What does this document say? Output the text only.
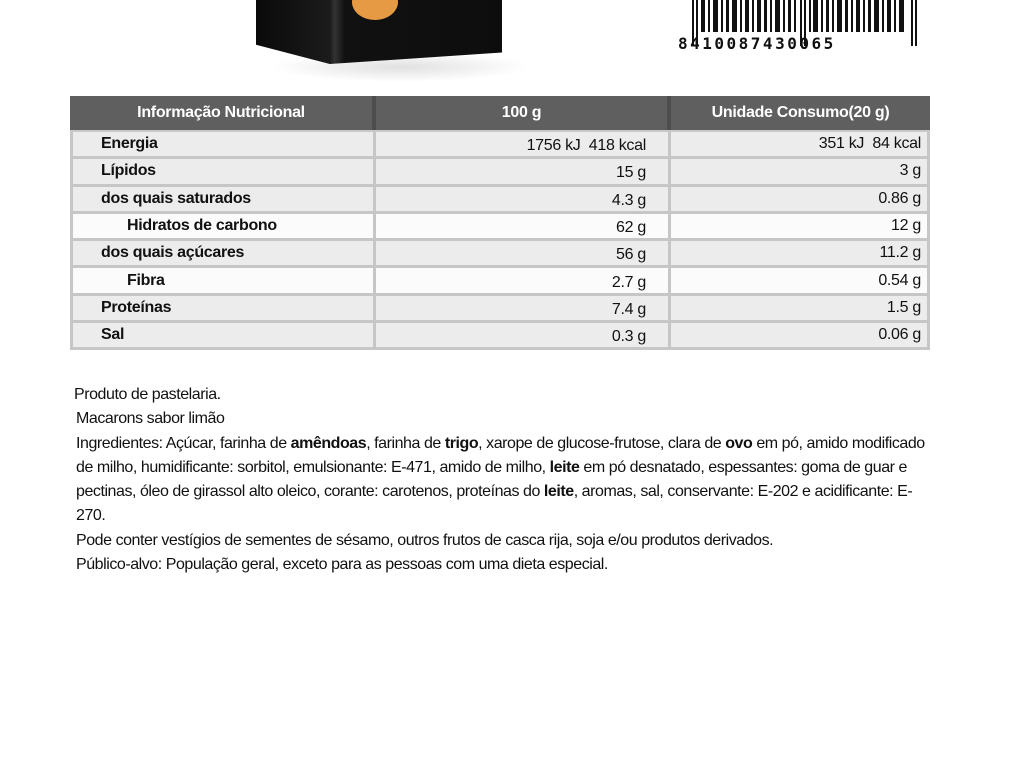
8410087430065
Informação Nutricional	100 g	Unidade Consumo(20 g)
Energia	1756 kJ  418 kcal	351 kJ  84 kcal
Lípidos	15 g	3 g
dos quais saturados	4.3 g	0.86 g
Hidratos de carbono	62 g	12 g
dos quais açúcares	56 g	11.2 g
Fibra	2.7 g	0.54 g
Proteínas	7.4 g	1.5 g
Sal	0.3 g	0.06 g

Produto de pastelaria.

Macarons sabor limão

Ingredientes: Açúcar, farinha de amêndoas, farinha de trigo, xarope de glucose-frutose, clara de ovo em pó, amido modificado de milho, humidificante: sorbitol, emulsionante: E-471, amido de milho, leite em pó desnatado, espessantes: goma de guar e pectinas, óleo de girassol alto oleico, corante: carotenos, proteínas do leite, aromas, sal, conservante: E-202 e acidificante: E-270.

Pode conter vestígios de sementes de sésamo, outros frutos de casca rija, soja e/ou produtos derivados.

Público-alvo: População geral, exceto para as pessoas com uma dieta especial.
